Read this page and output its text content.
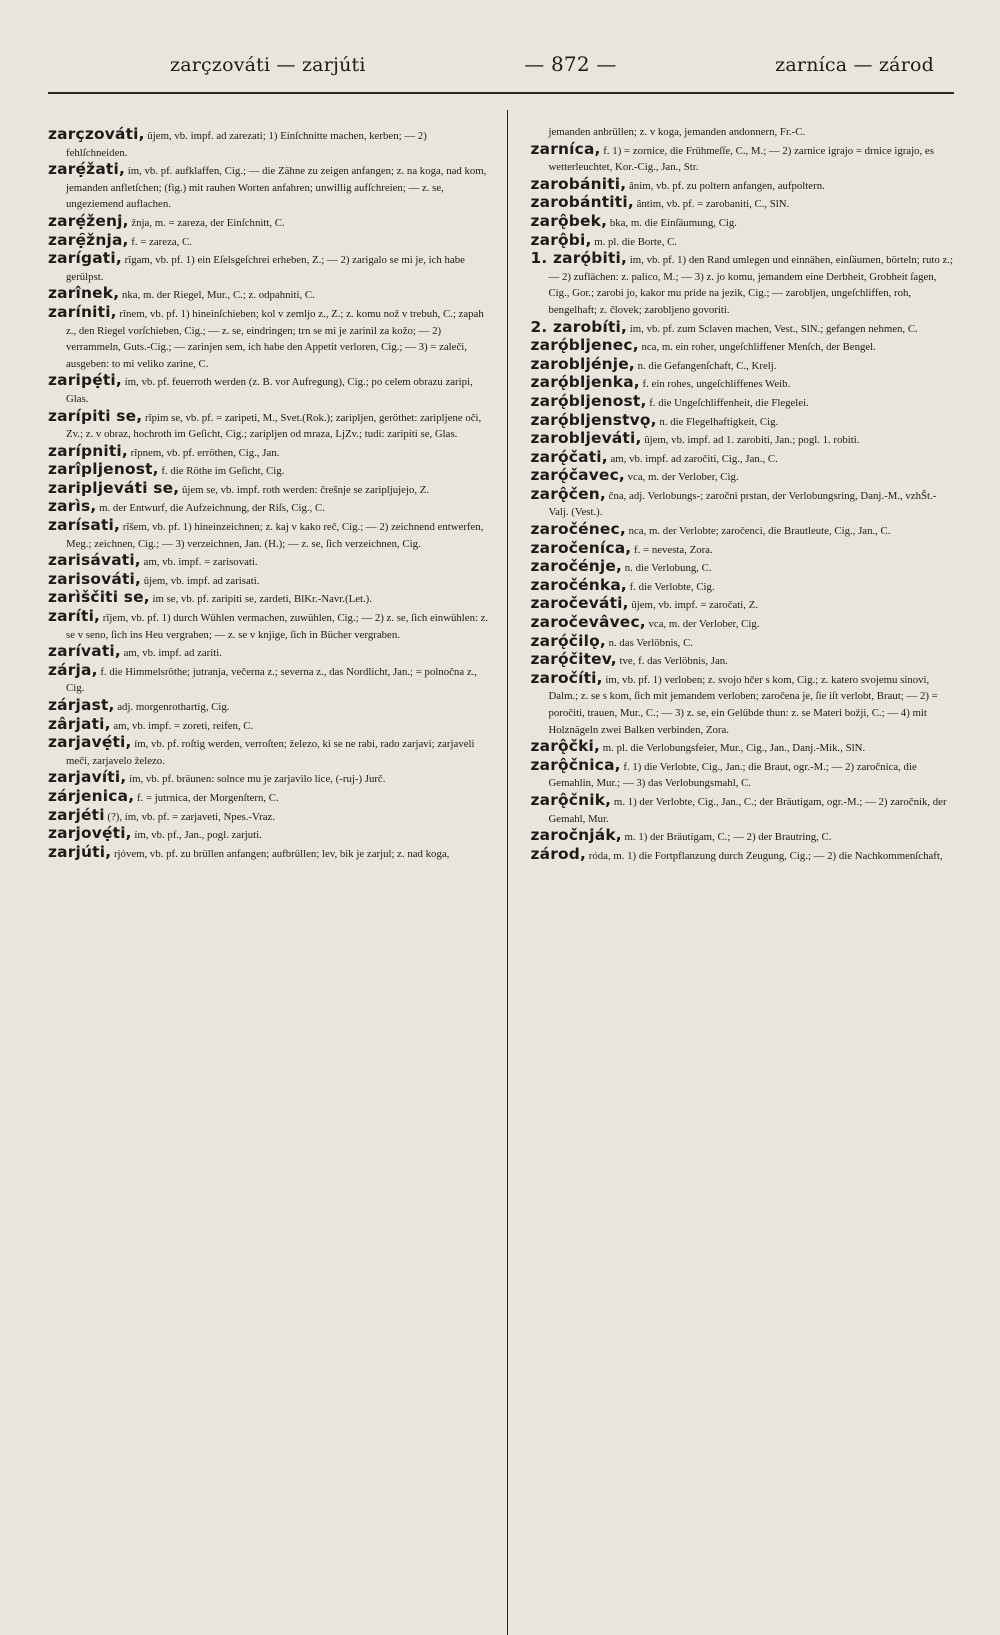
zarçzováti — zarjúti	— 872 —	zarníca — zárod

zarçzováti, ûjem, vb. impf. ad zarezati; 1) Einſchnitte machen, kerben; — 2) fehlſchneiden.

zarẹ́žati, ím, vb. pf. aufklaffen, Cig.; — die Zähne zu zeigen anfangen; z. na koga, nad kom, jemanden anfletſchen; (fig.) mit rauhen Worten anfahren; unwillig aufſchreien; — z. se, ungeziemend auflachen.

zarẹ́ženj, žnja, m. = zareza, der Einſchnitt, C.

zarẹ̑žnja, f. = zareza, C.

zarígati, rîgam, vb. pf. 1) ein Eſelsgeſchrei erheben, Z.; — 2) zarigalo se mi je, ich habe gerülpst.

zarînek, nka, m. der Riegel, Mur., C.; z. odpahniti, C.

zaríniti, rînem, vb. pf. 1) hineinſchieben; kol v zemljo z., Z.; z. komu nož v trebuh, C.; zapah z., den Riegel vorſchieben, Cig.; — z. se, eindringen; trn se mi je zarinil za kožo; — 2) verrammeln, Guts.-Cig.; — zarinjen sem, ich habe den Appetit verloren, Cig.; — 3) = zaleči, ausgeben: to mi veliko zarine, C.

zaripẹ́ti, ím, vb. pf. feuerroth werden (z. B. vor Aufregung), Cig.; po celem obrazu zaripi, Glas.

zarípiti se, rîpim se, vb. pf. = zaripeti, M., Svet.(Rok.); zaripljen, geröthet: zaripljene oči, Zv.; z. v obraz, hochroth im Geſicht, Cig.; zaripljen od mraza, LjZv.; tudi: zaripiti se, Glas.

zarípniti, rîpnem, vb. pf. erröthen, Cig., Jan.

zarîpljenost, f. die Röthe im Geſicht, Cig.

zaripljeváti se, ûjem se, vb. impf. roth werden: črešnje se zaripljujejo, Z.

zarìs, m. der Entwurf, die Aufzeichnung, der Riſs, Cig., C.

zarísati, rîšem, vb. pf. 1) hineinzeichnen; z. kaj v kako reč, Cig.; — 2) zeichnend entwerfen, Meg.; zeichnen, Cig.; — 3) verzeichnen, Jan. (H.); — z. se, ſich verzeichnen, Cig.

zarisávati, am, vb. impf. = zarisovati.

zarisováti, ûjem, vb. impf. ad zarisati.

zarìščiti se, im se, vb. pf. zaripiti se, zardeti, BlKr.-Navr.(Let.).

zaríti, rîjem, vb. pf. 1) durch Wühlen vermachen, zuwühlen, Cig.; — 2) z. se, ſich einwühlen: z. se v seno, ſich ins Heu vergraben; — z. se v knjige, ſich in Bücher vergraben.

zarívati, am, vb. impf. ad zariti.

zárja, f. die Himmelsröthe; jutranja, večerna z.; severna z., das Nordlicht, Jan.; = polnočna z., Cig.

zárjast, adj. morgenrothartig, Cig.

zârjati, am, vb. impf. = zoreti, reifen, C.

zarjavẹ́ti, ím, vb. pf. roſtig werden, verroſten; železo, ki se ne rabi, rado zarjavi; zarjaveli meči, zarjavelo železo.

zarjavíti, ím, vb. pf. bräunen: solnce mu je zarjavilo lice, (-ruj-) Jurč.

zárjenica, f. = jutrnica, der Morgenſtern, C.

zarjéti (?), ím, vb. pf. = zarjaveti, Npes.-Vraz.

zarjovẹ́ti, ím, vb. pf., Jan., pogl. zarjuti.

zarjúti, rjóvem, vb. pf. zu brüllen anfangen; aufbrüllen; lev, bik je zarjul; z. nad koga,

jemanden anbrüllen; z. v koga, jemanden andonnern, Fr.-C.

zarníca, f. 1) = zornice, die Frühmeſſe, C., M.; — 2) zarnice igrajo = drnice igrajo, es wetterleuchtet, Kor.-Cig., Jan., Str.

zarobániti, ânim, vb. pf. zu poltern anfangen, aufpoltern.

zarobántiti, ântim, vb. pf. = zarobaniti, C., SlN.

zarǫ̂bek, bka, m. die Einſäumung, Cig.

zarǫ̂bi, m. pl. die Borte, C.

1. zarǫ́biti, im, vb. pf. 1) den Rand umlegen und einnähen, einſäumen, börteln; ruto z.; — 2) zuflächen: z. palico, M.; — 3) z. jo komu, jemandem eine Derbheit, Grobheit ſagen, Cig., Gor.; zarobi jo, kakor mu pride na jezik, Cig.; — zarobljen, ungeſchliffen, roh, bengelhaft; z. človek; zarobljeno govoriti.

2. zarobíti, ím, vb. pf. zum Sclaven machen, Vest., SlN.; gefangen nehmen, C.

zarǫ́bljenec, nca, m. ein roher, ungeſchliffener Menſch, der Bengel.

zarobljénje, n. die Gefangenſchaft, C., Krelj.

zarǫ́bljenka, f. ein rohes, ungeſchliffenes Weib.

zarǫ́bljenost, f. die Ungeſchliffenheit, die Flegelei.

zarǫ́bljenstvǫ, n. die Flegelhaftigkeit, Cig.

zarobljeváti, ûjem, vb. impf. ad 1. zarobiti, Jan.; pogl. 1. robiti.

zarǫ́čati, am, vb. impf. ad zaročiti, Cig., Jan., C.

zarǫ́čavec, vca, m. der Verlober, Cig.

zarǫ̂čen, čna, adj. Verlobungs-; zaročni prstan, der Verlobungsring, Danj.-M., vzhŠt.-Valj. (Vest.).

zaročénec, nca, m. der Verlobte; zaročenci, die Brautleute, Cig., Jan., C.

zaročeníca, f. = nevesta, Zora.

zaročénje, n. die Verlobung, C.

zaročénka, f. die Verlobte, Cig.

zaročeváti, ûjem, vb. impf. = zaročati, Z.

zaročevâvec, vca, m. der Verlober, Cig.

zarǫ́čilǫ, n. das Verlöbnis, C.

zarǫ́čitev, tve, f. das Verlöbnis, Jan.

zaročíti, ím, vb. pf. 1) verloben; z. svojo hčer s kom, Cig.; z. katero svojemu sinovi, Dalm.; z. se s kom, ſich mit jemandem verloben; zaročena je, ſie iſt verlobt, Braut; — 2) = poročiti, trauen, Mur., C.; — 3) z. se, ein Gelübde thun: z. se Materi božji, C.; — 4) mit Holznägeln zwei Balken verbinden, Zora.

zarǫ̂čki, m. pl. die Verlobungsfeier, Mur., Cig., Jan., Danj.-Mik., SlN.

zarǫ̂čnica, f. 1) die Verlobte, Cig., Jan.; die Braut, ogr.-M.; — 2) zaročnica, die Gemahlin, Mur.; — 3) das Verlobungsmahl, C.

zarǫ̂čnik, m. 1) der Verlobte, Cig., Jan., C.; der Bräutigam, ogr.-M.; — 2) zaročnik, der Gemahl, Mur.

zaročnják, m. 1) der Bräutigam, C.; — 2) der Brautring, C.

zárod, róda, m. 1) die Fortpflanzung durch Zeugung, Cig.; — 2) die Nachkommenſchaft,
